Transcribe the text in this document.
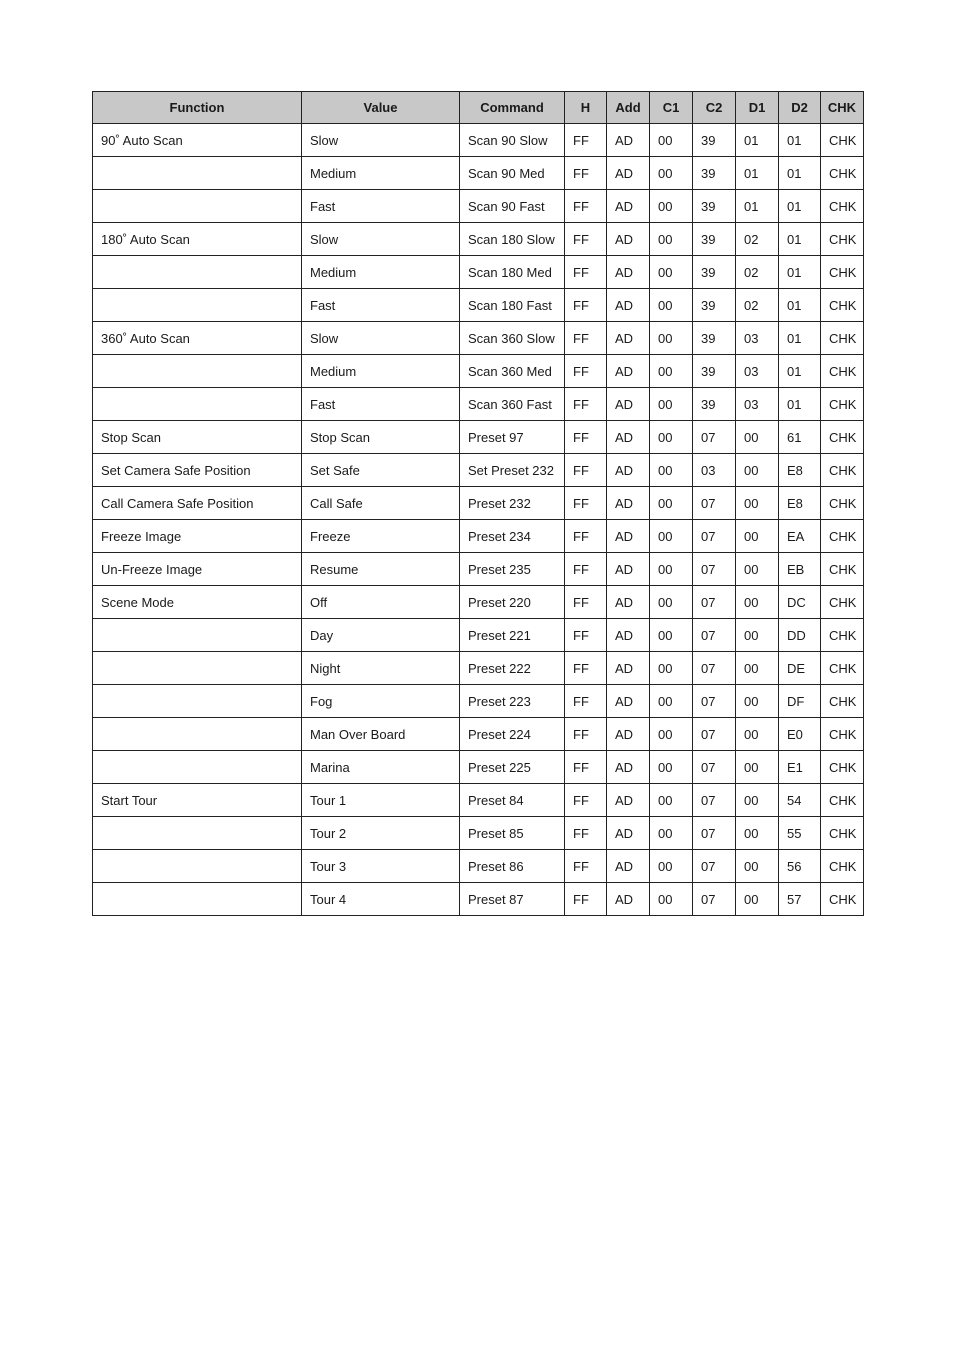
Function	Value	Command	H	Add	C1	C2	D1	D2	CHK
90˚ Auto Scan	Slow	Scan 90 Slow	FF	AD	00	39	01	01	CHK
	Medium	Scan 90 Med	FF	AD	00	39	01	01	CHK
	Fast	Scan 90 Fast	FF	AD	00	39	01	01	CHK
180˚ Auto Scan	Slow	Scan 180 Slow	FF	AD	00	39	02	01	CHK
	Medium	Scan 180 Med	FF	AD	00	39	02	01	CHK
	Fast	Scan 180 Fast	FF	AD	00	39	02	01	CHK
360˚ Auto Scan	Slow	Scan 360 Slow	FF	AD	00	39	03	01	CHK
	Medium	Scan 360 Med	FF	AD	00	39	03	01	CHK
	Fast	Scan 360 Fast	FF	AD	00	39	03	01	CHK
Stop Scan	Stop Scan	Preset 97	FF	AD	00	07	00	61	CHK
Set Camera Safe Position	Set Safe	Set Preset 232	FF	AD	00	03	00	E8	CHK
Call Camera Safe Position	Call Safe	Preset 232	FF	AD	00	07	00	E8	CHK
Freeze Image	Freeze	Preset 234	FF	AD	00	07	00	EA	CHK
Un-Freeze Image	Resume	Preset 235	FF	AD	00	07	00	EB	CHK
Scene Mode	Off	Preset 220	FF	AD	00	07	00	DC	CHK
	Day	Preset 221	FF	AD	00	07	00	DD	CHK
	Night	Preset 222	FF	AD	00	07	00	DE	CHK
	Fog	Preset 223	FF	AD	00	07	00	DF	CHK
	Man Over Board	Preset 224	FF	AD	00	07	00	E0	CHK
	Marina	Preset 225	FF	AD	00	07	00	E1	CHK
Start Tour	Tour 1	Preset 84	FF	AD	00	07	00	54	CHK
	Tour 2	Preset 85	FF	AD	00	07	00	55	CHK
	Tour 3	Preset 86	FF	AD	00	07	00	56	CHK
	Tour 4	Preset 87	FF	AD	00	07	00	57	CHK
